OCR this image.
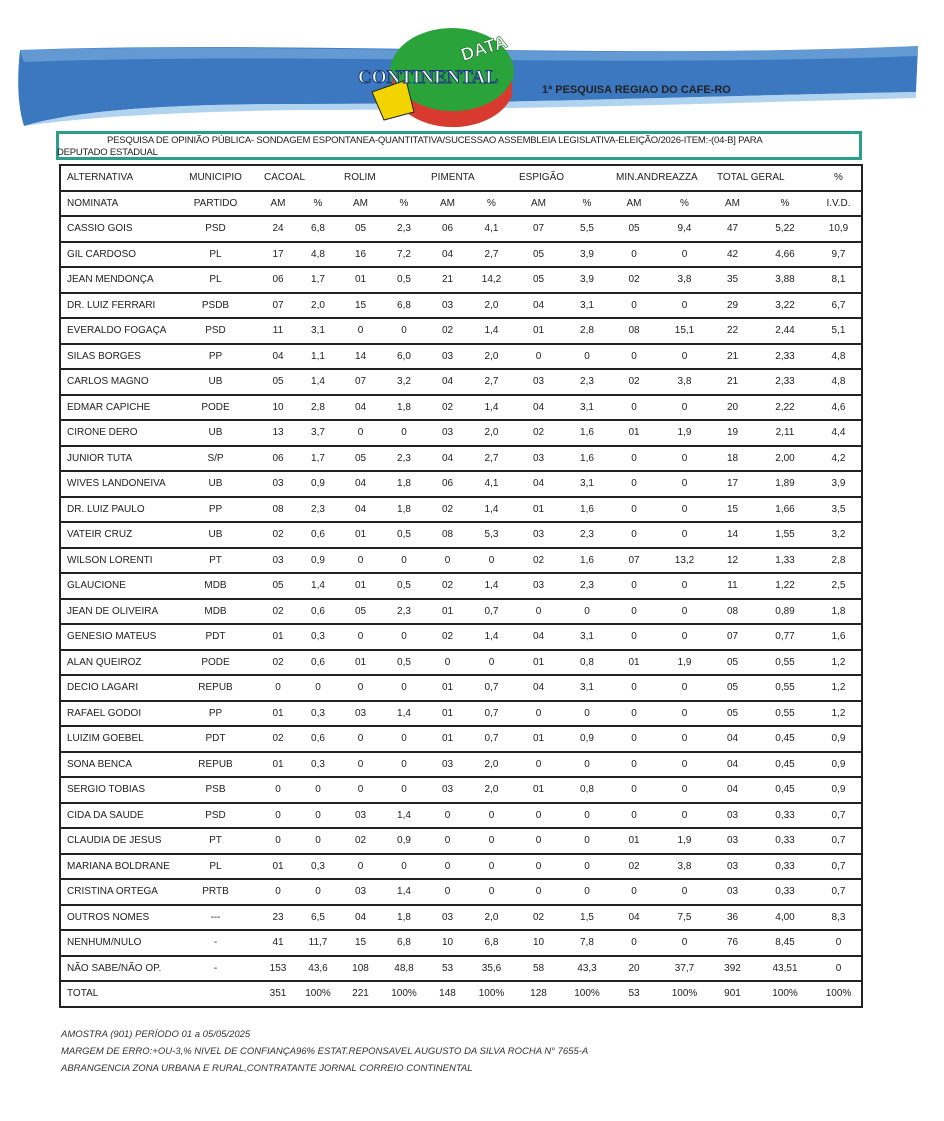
DATA
CONTINENTAL
1ª PESQUISA REGIAO DO CAFE-RO
PESQUISA DE OPINIÃO PÚBLICA- SONDAGEM ESPONTANEA-QUANTITATIVA/SUCESSAO ASSEMBLEIA LEGISLATIVA-ELEIÇÃO/2026-ITEM:-(04-B] PARA
DEPUTADO ESTADUAL
ALTERNATIVA	MUNICIPIO	CACOAL		ROLIM		PIMENTA		ESPIGÃO		MIN.ANDREAZZA		TOTAL GERAL		%
NOMINATA	PARTIDO	AM	%	AM	%	AM	%	AM	%	AM	%	AM	%	I.V.D.
CASSIO GOIS	PSD	24	6,8	05	2,3	06	4,1	07	5,5	05	9,4	47	5,22	10,9
GIL CARDOSO	PL	17	4,8	16	7,2	04	2,7	05	3,9	0	0	42	4,66	9,7
JEAN MENDONÇA	PL	06	1,7	01	0,5	21	14,2	05	3,9	02	3,8	35	3,88	8,1
DR. LUIZ FERRARI	PSDB	07	2,0	15	6,8	03	2,0	04	3,1	0	0	29	3,22	6,7
EVERALDO FOGAÇA	PSD	11	3,1	0	0	02	1,4	01	2,8	08	15,1	22	2,44	5,1
SILAS BORGES	PP	04	1,1	14	6,0	03	2,0	0	0	0	0	21	2,33	4,8
CARLOS MAGNO	UB	05	1,4	07	3,2	04	2,7	03	2,3	02	3,8	21	2,33	4,8
EDMAR CAPICHE	PODE	10	2,8	04	1,8	02	1,4	04	3,1	0	0	20	2,22	4,6
CIRONE DERO	UB	13	3,7	0	0	03	2,0	02	1,6	01	1,9	19	2,11	4,4
JUNIOR TUTA	S/P	06	1,7	05	2,3	04	2,7	03	1,6	0	0	18	2,00	4,2
WIVES LANDONEIVA	UB	03	0,9	04	1,8	06	4,1	04	3,1	0	0	17	1,89	3,9
DR. LUIZ PAULO	PP	08	2,3	04	1,8	02	1,4	01	1,6	0	0	15	1,66	3,5
VATEIR CRUZ	UB	02	0,6	01	0,5	08	5,3	03	2,3	0	0	14	1,55	3,2
WILSON LORENTI	PT	03	0,9	0	0	0	0	02	1,6	07	13,2	12	1,33	2,8
GLAUCIONE	MDB	05	1,4	01	0,5	02	1,4	03	2,3	0	0	11	1,22	2,5
JEAN DE OLIVEIRA	MDB	02	0,6	05	2,3	01	0,7	0	0	0	0	08	0,89	1,8
GENESIO MATEUS	PDT	01	0,3	0	0	02	1,4	04	3,1	0	0	07	0,77	1,6
ALAN QUEIROZ	PODE	02	0,6	01	0,5	0	0	01	0,8	01	1,9	05	0,55	1,2
DECIO LAGARI	REPUB	0	0	0	0	01	0,7	04	3,1	0	0	05	0,55	1,2
RAFAEL GODOI	PP	01	0,3	03	1,4	01	0,7	0	0	0	0	05	0,55	1,2
LUIZIM GOEBEL	PDT	02	0,6	0	0	01	0,7	01	0,9	0	0	04	0,45	0,9
SONA BENCA	REPUB	01	0,3	0	0	03	2,0	0	0	0	0	04	0,45	0,9
SERGIO TOBIAS	PSB	0	0	0	0	03	2,0	01	0,8	0	0	04	0,45	0,9
CIDA DA SAUDE	PSD	0	0	03	1,4	0	0	0	0	0	0	03	0,33	0,7
CLAUDIA DE JESUS	PT	0	0	02	0,9	0	0	0	0	01	1,9	03	0,33	0,7
MARIANA BOLDRANE	PL	01	0,3	0	0	0	0	0	0	02	3,8	03	0,33	0,7
CRISTINA ORTEGA	PRTB	0	0	03	1,4	0	0	0	0	0	0	03	0,33	0,7
OUTROS NOMES	---	23	6,5	04	1,8	03	2,0	02	1,5	04	7,5	36	4,00	8,3
NENHUM/NULO	-	41	11,7	15	6,8	10	6,8	10	7,8	0	0	76	8,45	0
NÃO SABE/NÃO OP.	-	153	43,6	108	48,8	53	35,6	58	43,3	20	37,7	392	43,51	0
TOTAL		351	100%	221	100%	148	100%	128	100%	53	100%	901	100%	100%
AMOSTRA (901) PERÍODO 01 a 05/05/2025
MARGEM DE ERRO:+OU-3,% NIVEL DE CONFIANÇA96% ESTAT.REPONSAVEL AUGUSTO DA SILVA ROCHA N° 7655-A
ABRANGENCIA ZONA URBANA E RURAL,CONTRATANTE JORNAL CORREIO CONTINENTAL
